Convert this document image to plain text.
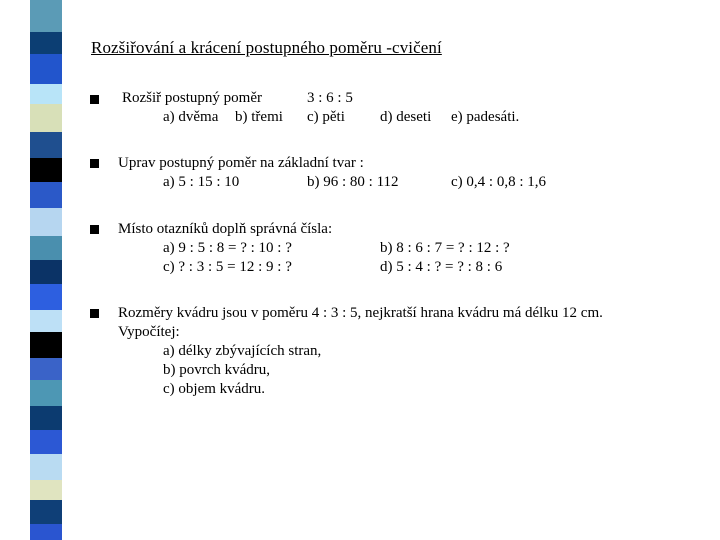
Rozšiřování a krácení postupného poměru -cvičení
Rozšiř postupný poměr	3 : 6 : 5
a) dvěma b) třemi c) pěti d) deseti e) padesáti.
Uprav postupný poměr na základní tvar :
a) 5 : 15 : 10	b) 96 : 80 : 112	c) 0,4 : 0,8 : 1,6
Místo otazníků doplň správná čísla:
a) 9 : 5 : 8 = ? : 10 : ?	b) 8 : 6 : 7 = ? : 12 : ?
c) ? : 3 : 5 = 12 : 9 : ?	d) 5 : 4 : ? = ? : 8 : 6
Rozměry kvádru jsou v poměru 4 : 3 : 5, nejkratší hrana kvádru má délku 12 cm.
Vypočítej:
a) délky zbývajících stran,
b) povrch kvádru,
c) objem kvádru.
